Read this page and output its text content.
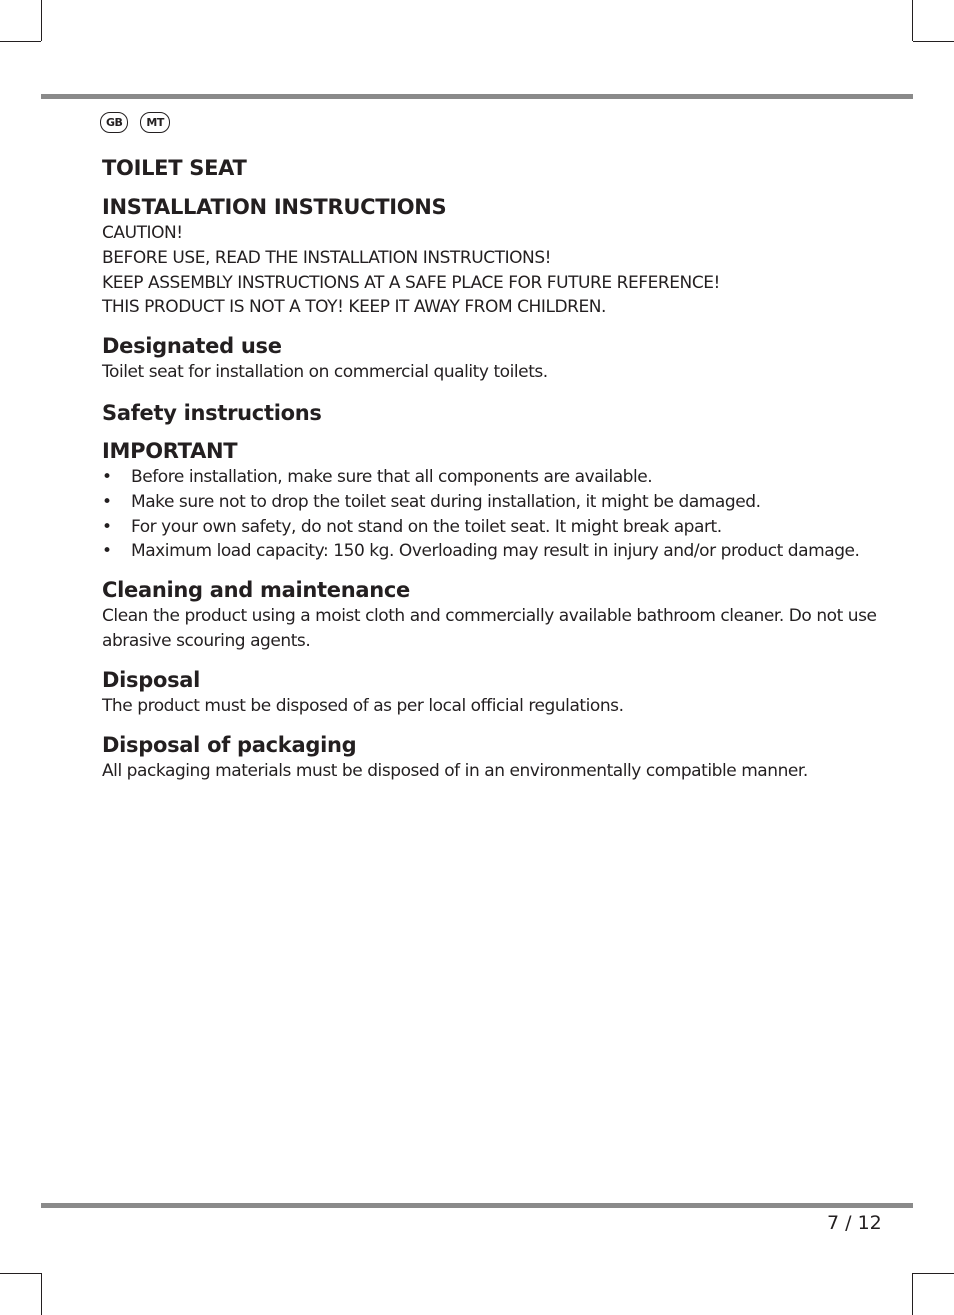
GB	MT
TOILET SEAT
INSTALLATION INSTRUCTIONS

CAUTION!

BEFORE USE, READ THE INSTALLATION INSTRUCTIONS!

KEEP ASSEMBLY INSTRUCTIONS AT A SAFE PLACE FOR FUTURE REFERENCE!

THIS PRODUCT IS NOT A TOY! KEEP IT AWAY FROM CHILDREN.

Designated use

Toilet seat for installation on commercial quality toilets.

Safety instructions
IMPORTANT
• Before installation, make sure that all components are available.
• Make sure not to drop the toilet seat during installation, it might be damaged.
• For your own safety, do not stand on the toilet seat. It might break apart.
• Maximum load capacity: 150 kg. Overloading may result in injury and/or product damage.
Cleaning and maintenance

Clean the product using a moist cloth and commercially available bathroom cleaner. Do not use abrasive scouring agents.

Disposal

The product must be disposed of as per local official regulations.

Disposal of packaging

All packaging materials must be disposed of in an environmentally compatible manner.

7 / 12
